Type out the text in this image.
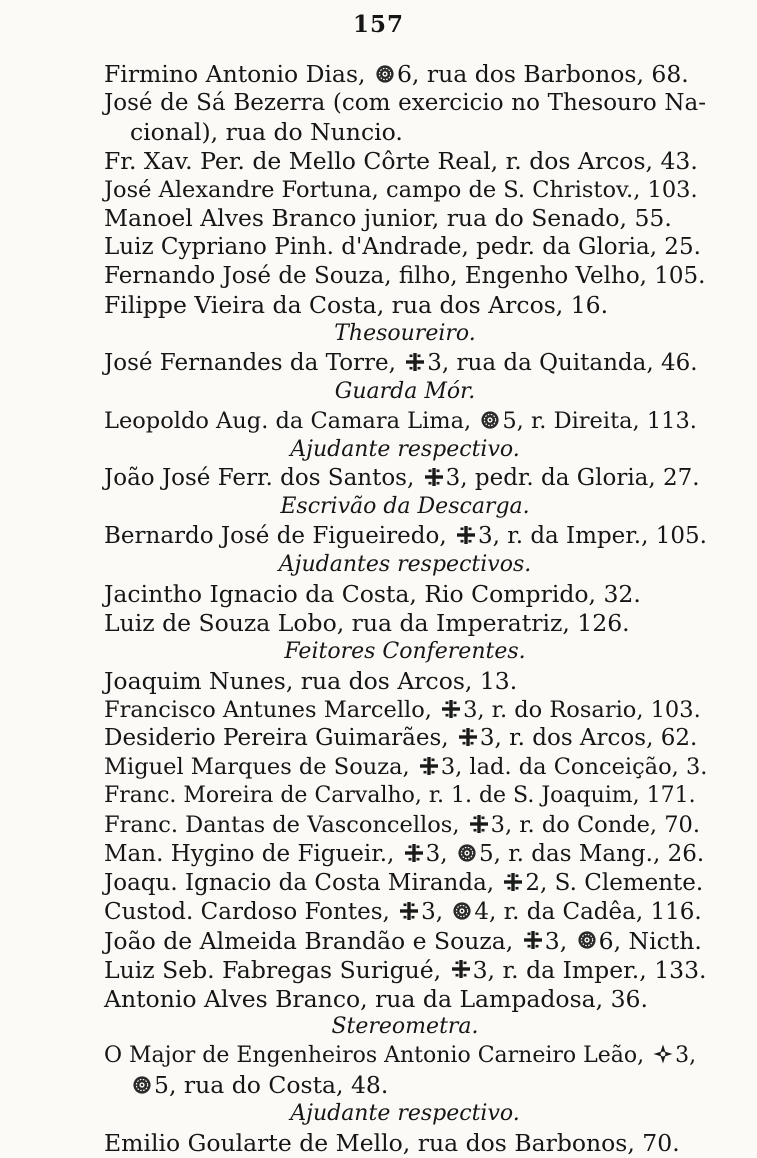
157
Firmino Antonio Dias,
6, rua dos Barbonos, 68.
José de Sá Bezerra (com exercicio no Thesouro Na-
cional), rua do Nuncio.
Fr. Xav. Per. de Mello Côrte Real, r. dos Arcos, 43.
José Alexandre Fortuna, campo de S. Christov., 103.
Manoel Alves Branco junior, rua do Senado, 55.
Luiz Cypriano Pinh. d'Andrade, pedr. da Gloria, 25.
Fernando José de Souza, filho, Engenho Velho, 105.
Filippe Vieira da Costa, rua dos Arcos, 16.
Thesoureiro.
José Fernandes da Torre,
3, rua da Quitanda, 46.
Guarda Mór.
Leopoldo Aug. da Camara Lima,
5, r. Direita, 113.
Ajudante respectivo.
João José Ferr. dos Santos,
3, pedr. da Gloria, 27.
Escrivão da Descarga.
Bernardo José de Figueiredo,
3, r. da Imper., 105.
Ajudantes respectivos.
Jacintho Ignacio da Costa, Rio Comprido, 32.
Luiz de Souza Lobo, rua da Imperatriz, 126.
Feitores Conferentes.
Joaquim Nunes, rua dos Arcos, 13.
Francisco Antunes Marcello,
3, r. do Rosario, 103.
Desiderio Pereira Guimarães,
3, r. dos Arcos, 62.
Miguel Marques de Souza,
3, lad. da Conceição, 3.
Franc. Moreira de Carvalho, r. 1. de S. Joaquim, 171.
Franc. Dantas de Vasconcellos,
3, r. do Conde, 70.
Man. Hygino de Figueir.,
3,
5, r. das Mang., 26.
Joaqu. Ignacio da Costa Miranda,
2, S. Clemente.
Custod. Cardoso Fontes,
3,
4, r. da Cadêa, 116.
João de Almeida Brandão e Souza,
3,
6, Nicth.
Luiz Seb. Fabregas Surigué,
3, r. da Imper., 133.
Antonio Alves Branco, rua da Lampadosa, 36.
Stereometra.
O Major de Engenheiros Antonio Carneiro Leão,
3,
5, rua do Costa, 48.
Ajudante respectivo.
Emilio Goularte de Mello, rua dos Barbonos, 70.
